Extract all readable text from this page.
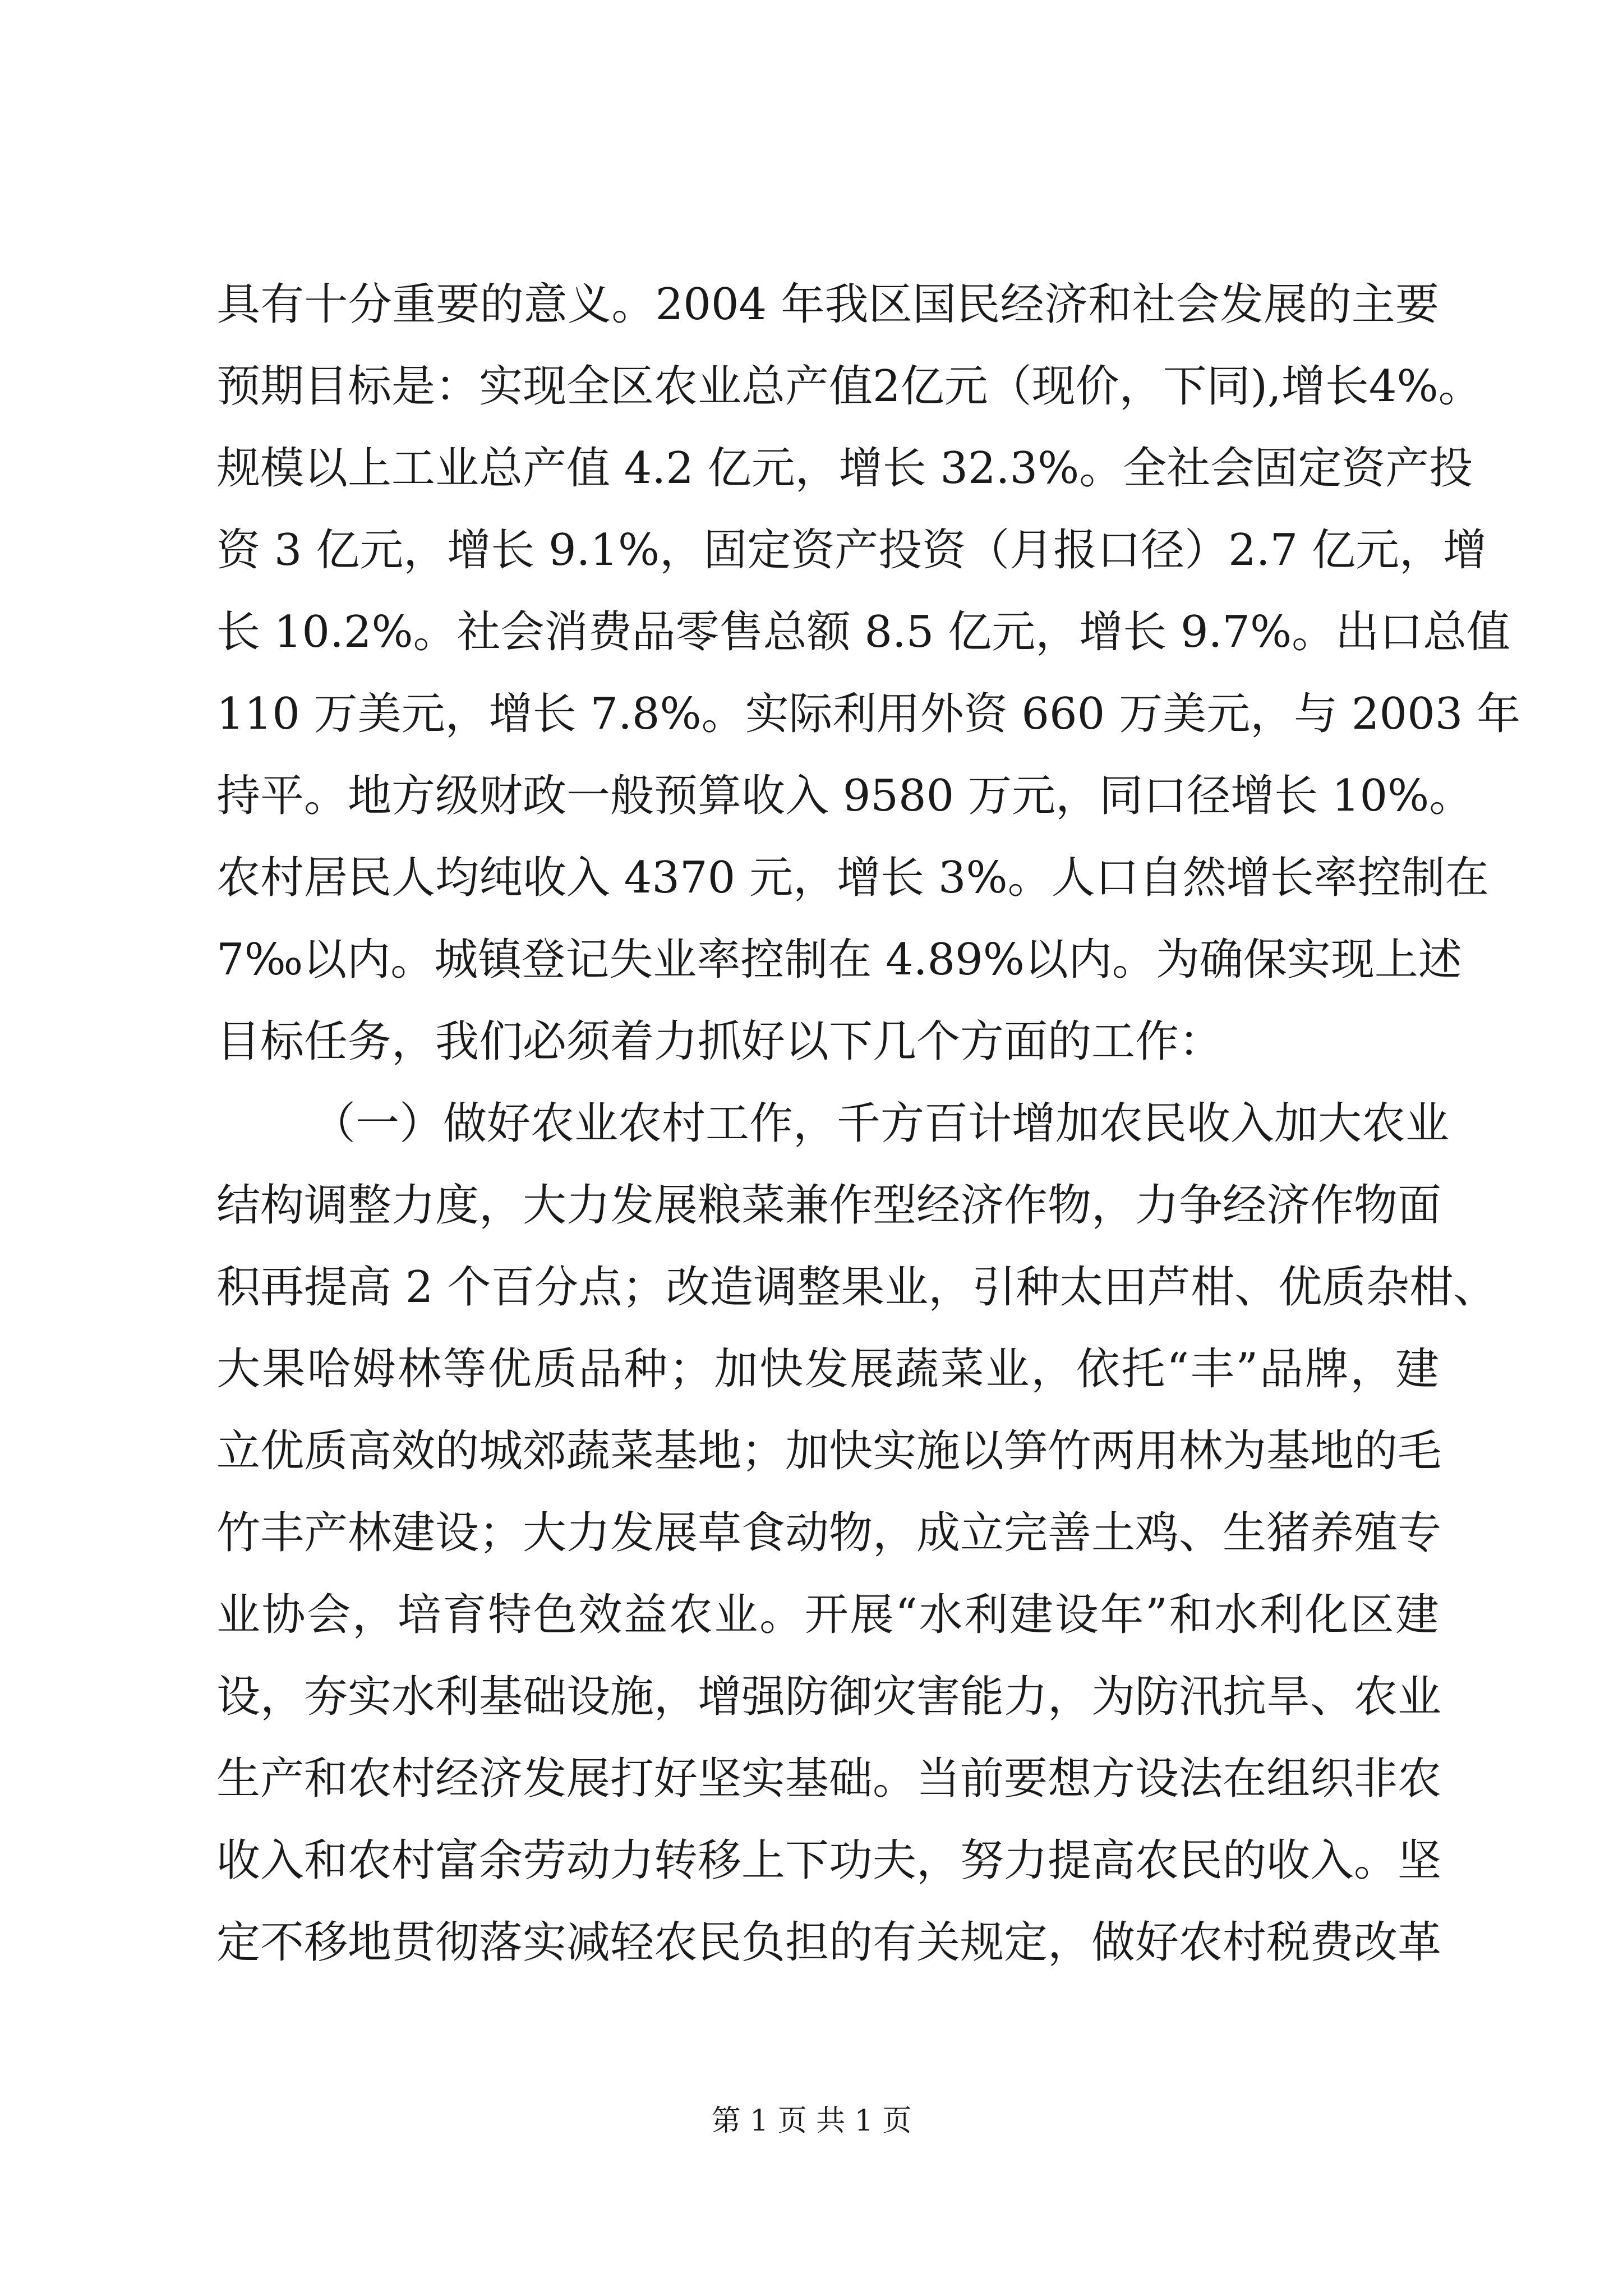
具有十分重要的意义。2004 年我区国民经济和社会发展的主要
预期目标是：实现全区农业总产值2亿元（现价，下同),增长4%。
规模以上工业总产值 4.2 亿元，增长 32.3%。全社会固定资产投
资 3 亿元，增长 9.1%，固定资产投资（月报口径）2.7 亿元，增
长 10.2%。社会消费品零售总额 8.5 亿元，增长 9.7%。出口总值
110 万美元，增长 7.8%。实际利用外资 660 万美元，与 2003 年
持平。地方级财政一般预算收入 9580 万元，同口径增长 10%。
农村居民人均纯收入 4370 元，增长 3%。人口自然增长率控制在
7‰以内。城镇登记失业率控制在 4.89%以内。为确保实现上述
目标任务，我们必须着力抓好以下几个方面的工作：
（一）做好农业农村工作，千方百计增加农民收入加大农业
结构调整力度，大力发展粮菜兼作型经济作物，力争经济作物面
积再提高 2 个百分点；改造调整果业，引种太田芦柑、优质杂柑、
大果哈姆林等优质品种；加快发展蔬菜业，依托“丰”品牌，建
立优质高效的城郊蔬菜基地；加快实施以笋竹两用林为基地的毛
竹丰产林建设；大力发展草食动物，成立完善土鸡、生猪养殖专
业协会，培育特色效益农业。开展“水利建设年”和水利化区建
设，夯实水利基础设施，增强防御灾害能力，为防汛抗旱、农业
生产和农村经济发展打好坚实基础。当前要想方设法在组织非农
收入和农村富余劳动力转移上下功夫，努力提高农民的收入。坚
定不移地贯彻落实减轻农民负担的有关规定，做好农村税费改革
第 1 页 共 1 页
